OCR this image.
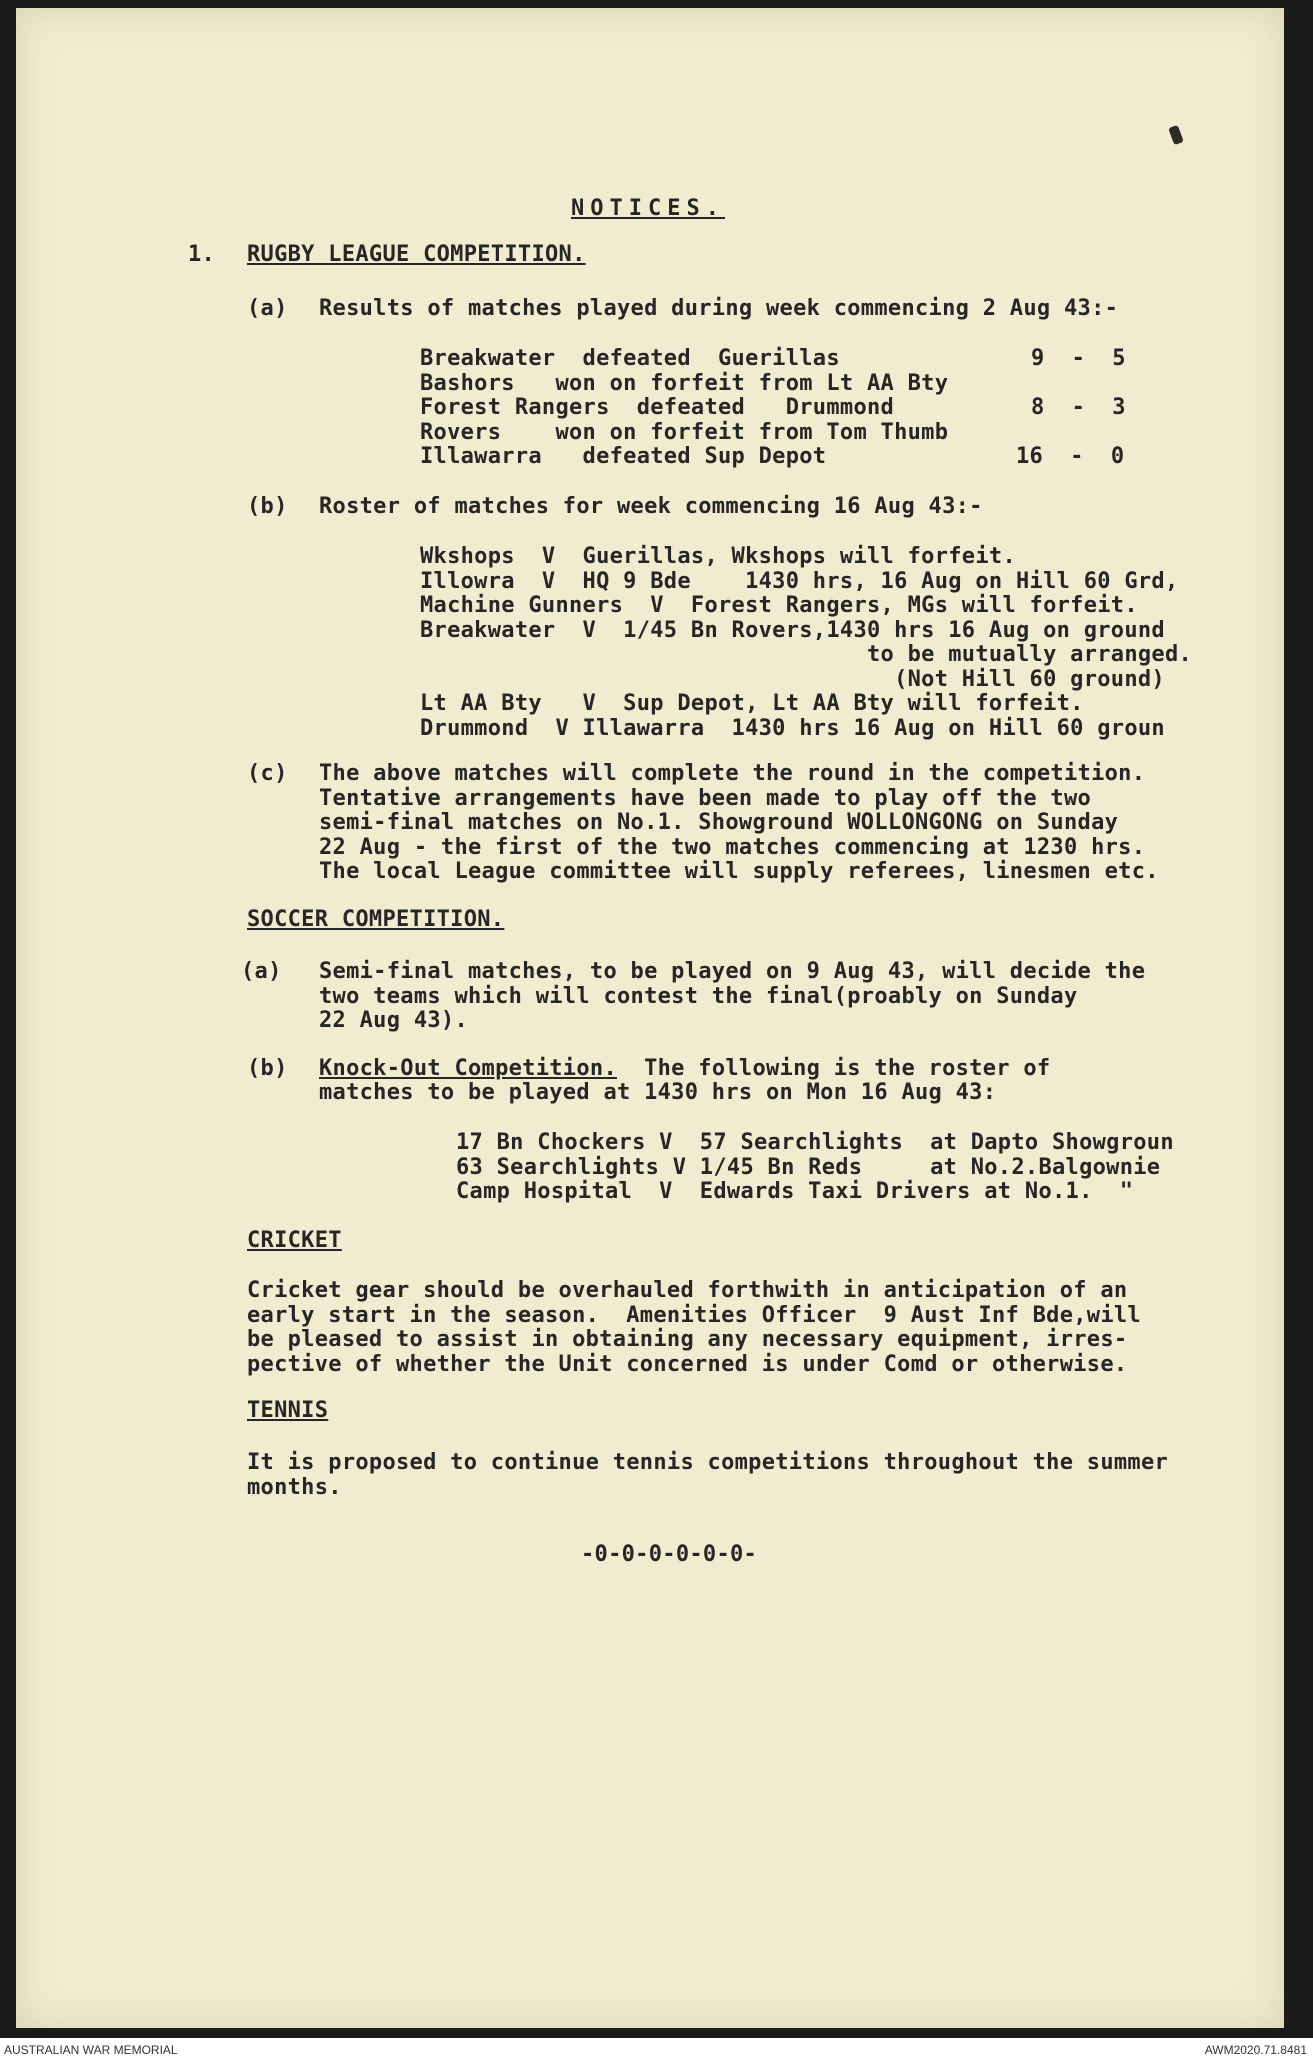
NOTICES.
1. RUGBY LEAGUE COMPETITION.
(a) Results of matches played during week commencing 2 Aug 43:-
Breakwater  defeated  Guerillas	9  -  5
Bashors   won on forfeit from Lt AA Bty
Forest Rangers  defeated   Drummond	8  -  3
Rovers    won on forfeit from Tom Thumb
Illawarra   defeated Sup Depot	16  -  0
(b) Roster of matches for week commencing 16 Aug 43:-
Wkshops  V  Guerillas, Wkshops will forfeit.
Illowra  V  HQ 9 Bde    1430 hrs, 16 Aug on Hill 60 Grd,
Machine Gunners  V  Forest Rangers, MGs will forfeit.
Breakwater  V  1/45 Bn Rovers,1430 hrs 16 Aug on ground
to be mutually arranged.
(Not Hill 60 ground)
Lt AA Bty   V  Sup Depot, Lt AA Bty will forfeit.
Drummond  V Illawarra  1430 hrs 16 Aug on Hill 60 groun
(c) The above matches will complete the round in the competition.
Tentative arrangements have been made to play off the two
semi-final matches on No.1. Showground WOLLONGONG on Sunday
22 Aug - the first of the two matches commencing at 1230 hrs.
The local League committee will supply referees, linesmen etc.
SOCCER COMPETITION.
(a) Semi-final matches, to be played on 9 Aug 43, will decide the
two teams which will contest the final(proably on Sunday
22 Aug 43).
(b) Knock-Out Competition.  The following is the roster of
matches to be played at 1430 hrs on Mon 16 Aug 43:
17 Bn Chockers V  57 Searchlights  at Dapto Showgroun
63 Searchlights V 1/45 Bn Reds     at No.2.Balgownie
Camp Hospital  V  Edwards Taxi Drivers at No.1.  "
CRICKET
Cricket gear should be overhauled forthwith in anticipation of an
early start in the season.  Amenities Officer  9 Aust Inf Bde,will
be pleased to assist in obtaining any necessary equipment, irres-
pective of whether the Unit concerned is under Comd or otherwise.
TENNIS
It is proposed to continue tennis competitions throughout the summer
months.
-0-0-0-0-0-0-
AUSTRALIAN WAR MEMORIAL	AWM2020.71.8481
